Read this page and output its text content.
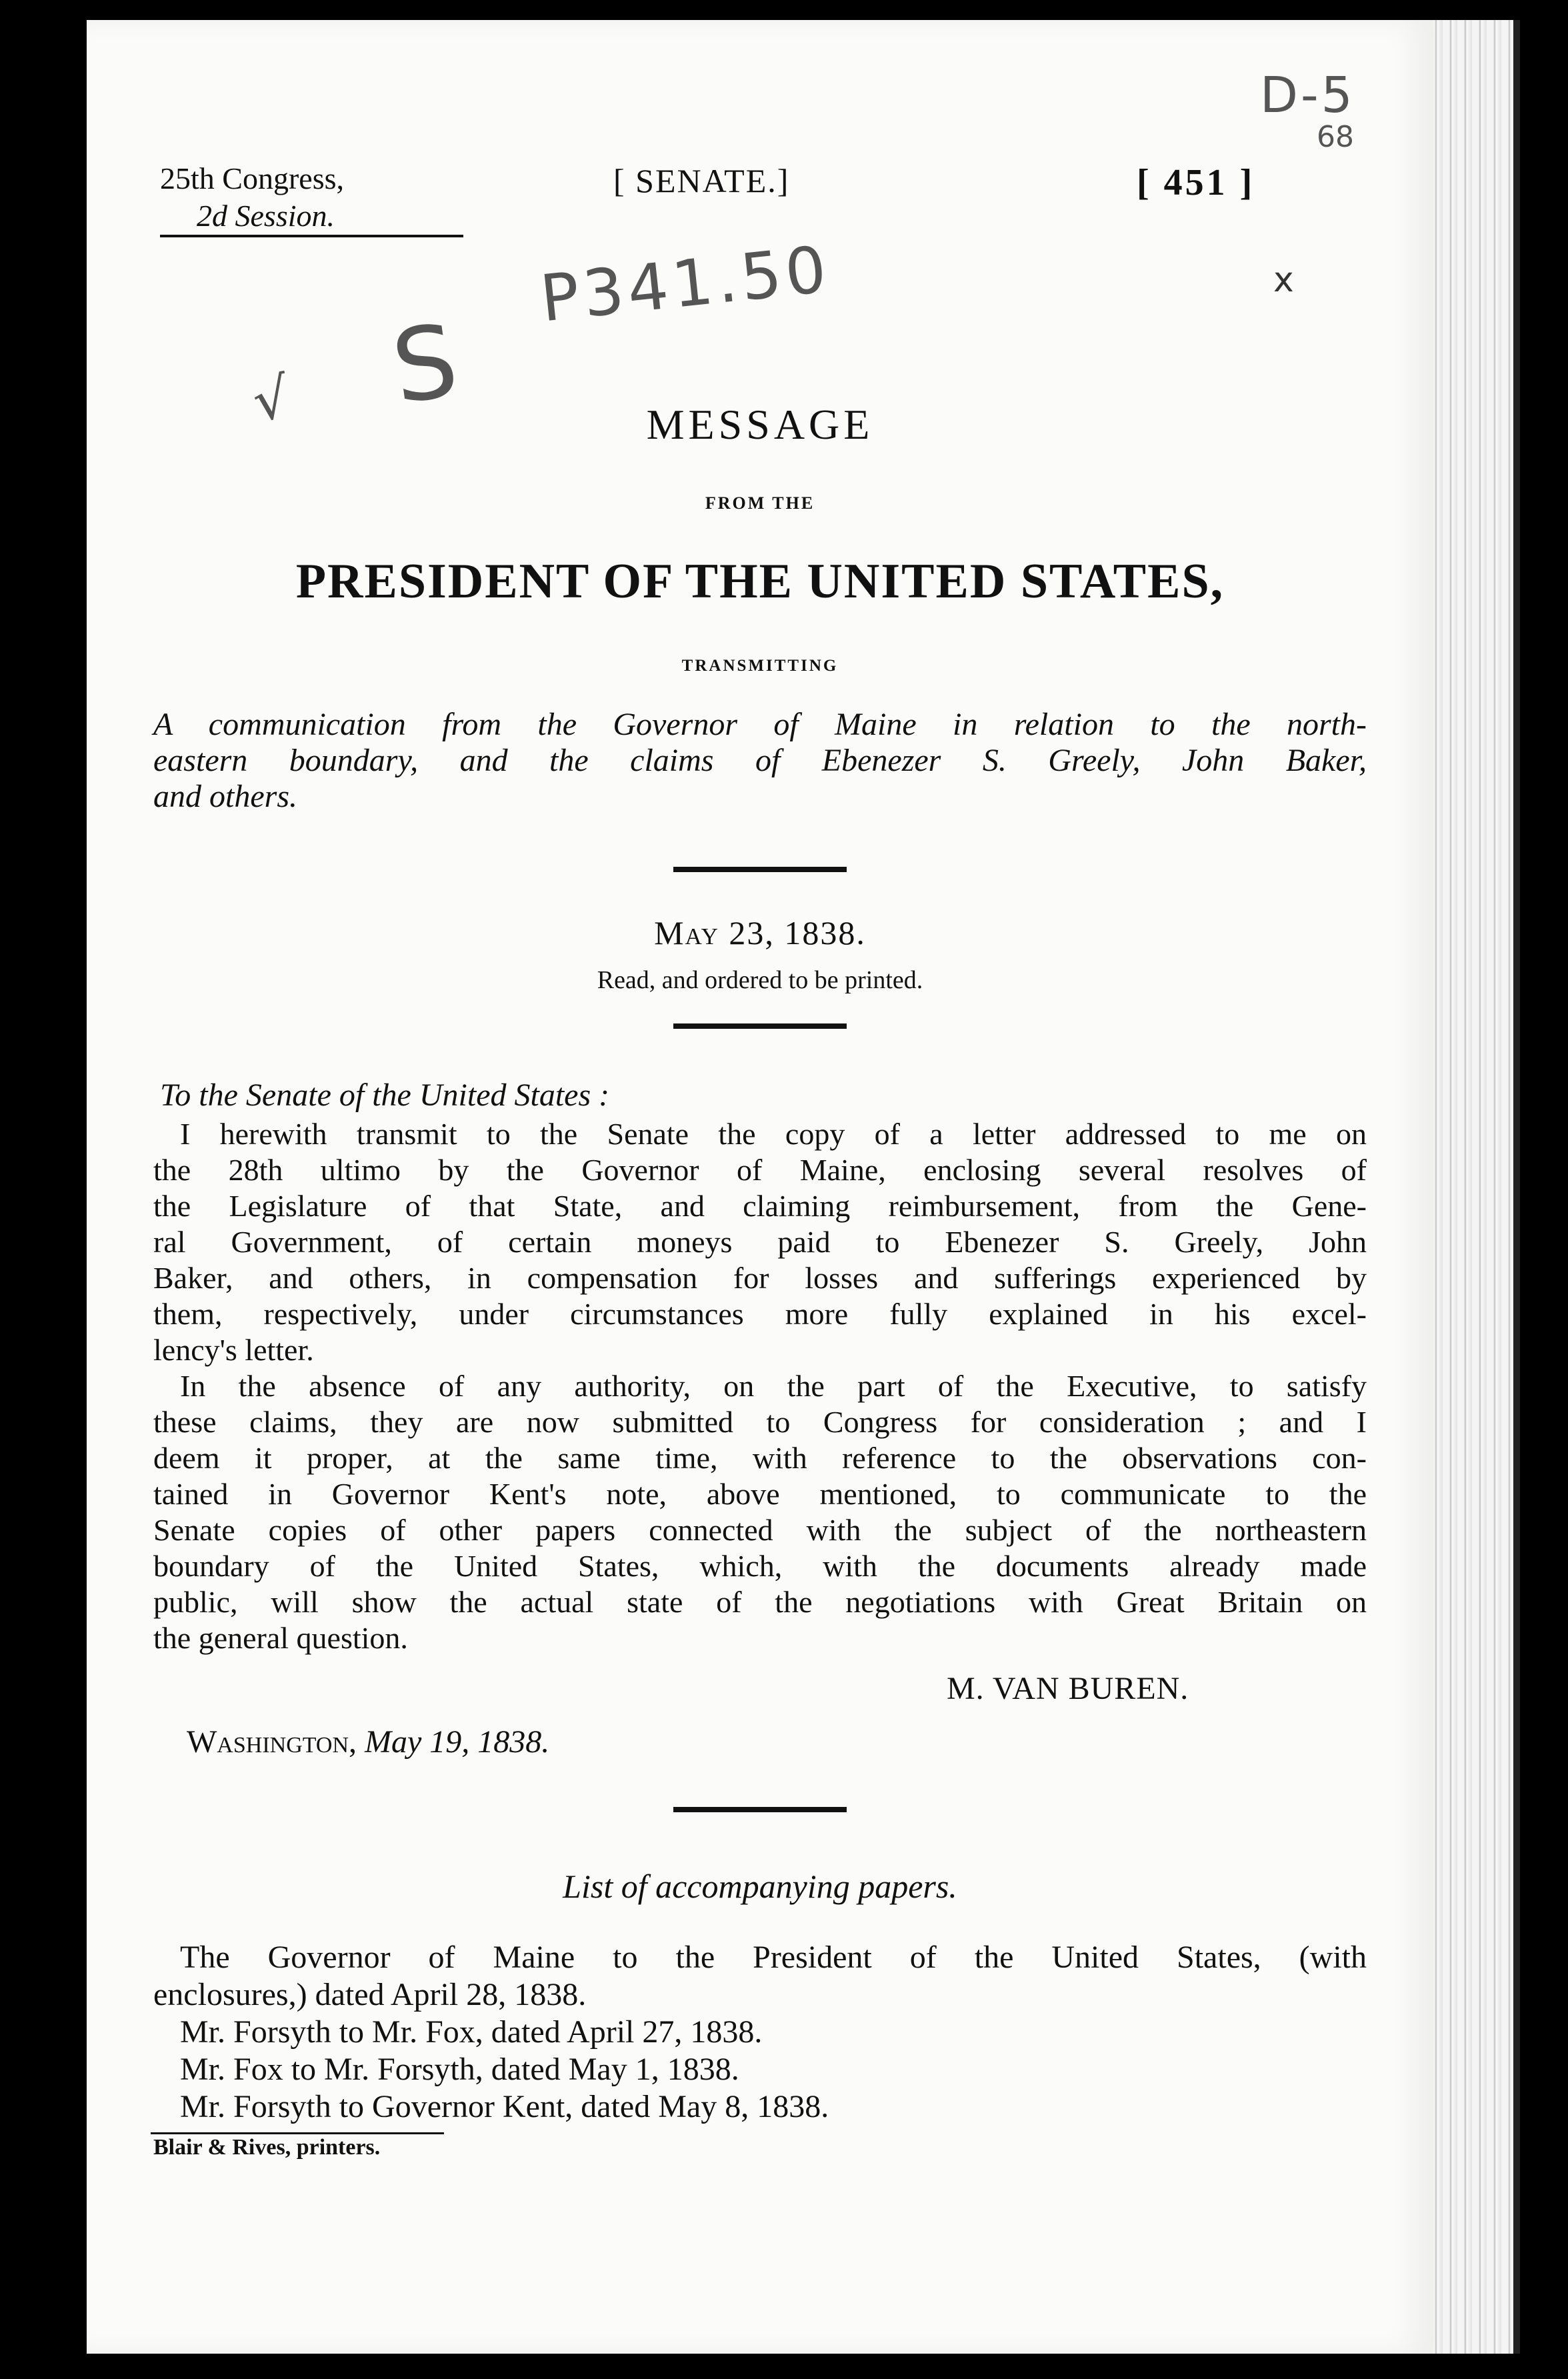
D-5
68
P341.50
S
√
x
25th Congress,
2d Session.
[ SENATE.]	[ 451 ]
MESSAGE
FROM THE
PRESIDENT OF THE UNITED STATES,
TRANSMITTING
A communication from the Governor of Maine in relation to the north-
eastern boundary, and the claims of Ebenezer S. Greely, John Baker,
and others.
May 23, 1838.
Read, and ordered to be printed.
To the Senate of the United States :
I herewith transmit to the Senate the copy of a letter addressed to me on
the 28th ultimo by the Governor of Maine, enclosing several resolves of
the Legislature of that State, and claiming reimbursement, from the Gene-
ral Government, of certain moneys paid to Ebenezer S. Greely, John
Baker, and others, in compensation for losses and sufferings experienced by
them, respectively, under circumstances more fully explained in his excel-
lency's letter.
In the absence of any authority, on the part of the Executive, to satisfy
these claims, they are now submitted to Congress for consideration ; and I
deem it proper, at the same time, with reference to the observations con-
tained in Governor Kent's note, above mentioned, to communicate to the
Senate copies of other papers connected with the subject of the northeastern
boundary of the United States, which, with the documents already made
public, will show the actual state of the negotiations with Great Britain on
the general question.
M. VAN BUREN.
Washington, May 19, 1838.
List of accompanying papers.
The Governor of Maine to the President of the United States, (with
enclosures,) dated April 28, 1838.
Mr. Forsyth to Mr. Fox, dated April 27, 1838.
Mr. Fox to Mr. Forsyth, dated May 1, 1838.
Mr. Forsyth to Governor Kent, dated May 8, 1838.
Blair & Rives, printers.
